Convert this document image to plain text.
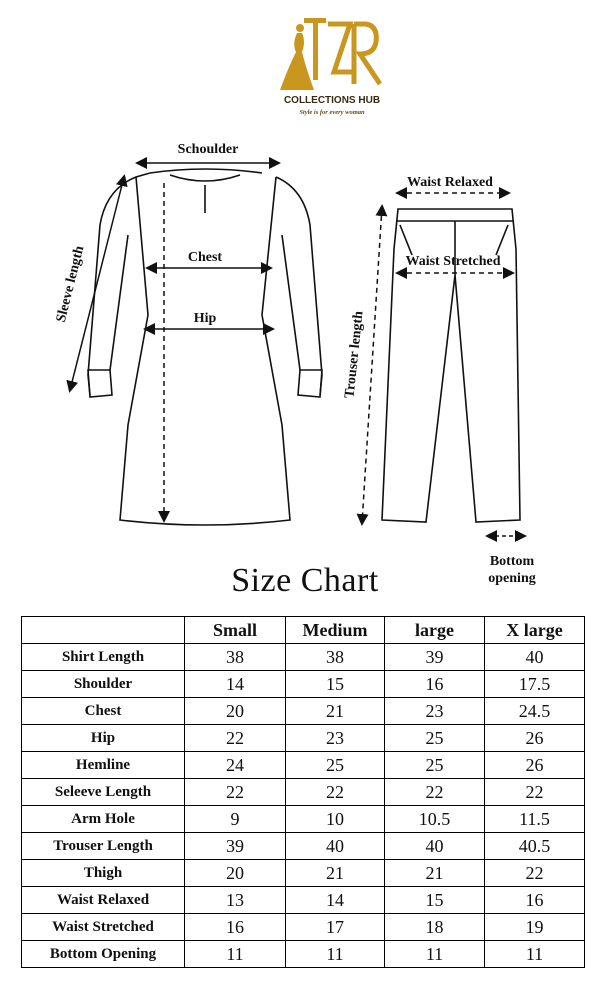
COLLECTIONS HUB
Style is for every woman
Schoulder
Chest
Hip
Sleeve length
Waist Relaxed
Waist Stretched
Trouser length
Bottom
opening
Size Chart
	Small	Medium	large	X large
Shirt Length	38	38	39	40
Shoulder	14	15	16	17.5
Chest	20	21	23	24.5
Hip	22	23	25	26
Hemline	24	25	25	26
Seleeve Length	22	22	22	22
Arm Hole	9	10	10.5	11.5
Trouser Length	39	40	40	40.5
Thigh	20	21	21	22
Waist Relaxed	13	14	15	16
Waist Stretched	16	17	18	19
Bottom Opening	11	11	11	11
